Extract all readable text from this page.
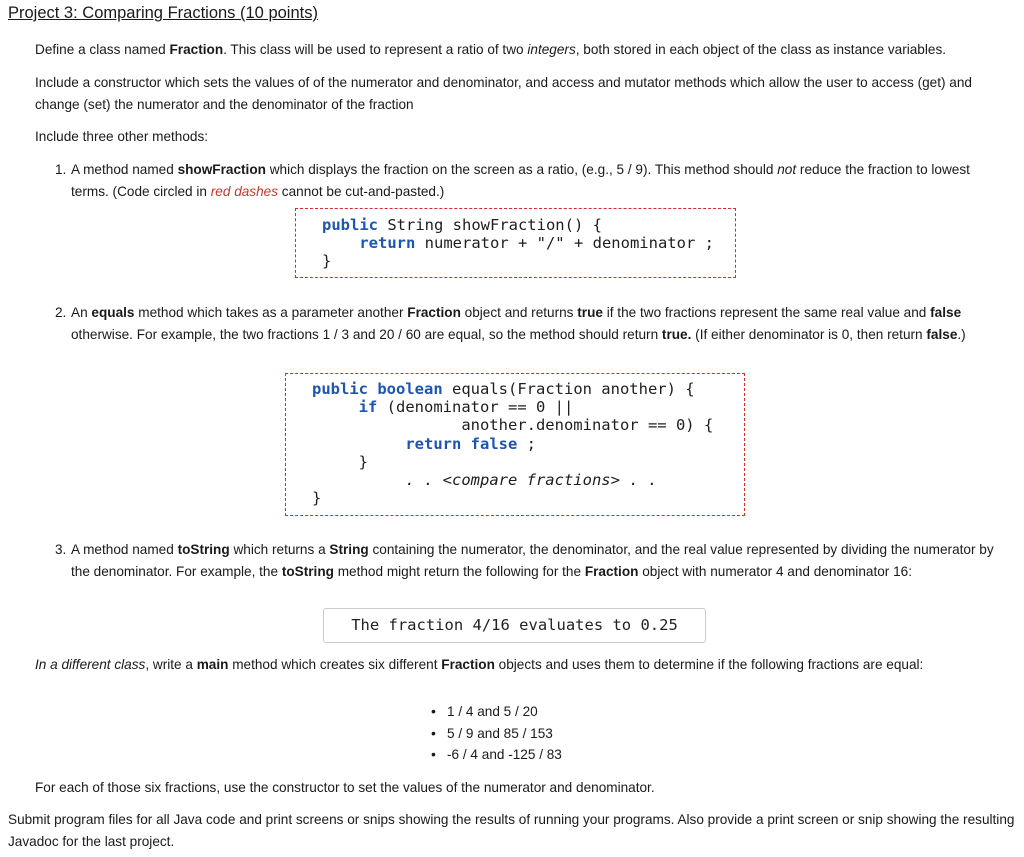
Project 3: Comparing Fractions (10 points)
Define a class named Fraction. This class will be used to represent a ratio of two integers, both stored in each object of the class as instance variables.
Include a constructor which sets the values of of the numerator and denominator, and access and mutator methods which allow the user to access (get) and change (set) the numerator and the denominator of the fraction
Include three other methods:
1. A method named showFraction which displays the fraction on the screen as a ratio, (e.g., 5 / 9). This method should not reduce the fraction to lowest terms. (Code circled in red dashes cannot be cut-and-pasted.)
public String showFraction() {
return numerator + "/" + denominator ;
}
2. An equals method which takes as a parameter another Fraction object and returns true if the two fractions represent the same real value and false otherwise. For example, the two fractions 1 / 3 and 20 / 60 are equal, so the method should return true. (If either denominator is 0, then return false.)
public boolean equals(Fraction another) {
if (denominator == 0 ||
another.denominator == 0) {
return false ;
}
. . <compare fractions> . .
}
3. A method named toString which returns a String containing the numerator, the denominator, and the real value represented by dividing the numerator by the denominator. For example, the toString method might return the following for the Fraction object with numerator 4 and denominator 16:
The fraction 4/16 evaluates to 0.25
In a different class, write a main method which creates six different Fraction objects and uses them to determine if the following fractions are equal:
• 1 / 4 and 5 / 20
• 5 / 9 and 85 / 153
• -6 / 4 and -125 / 83
For each of those six fractions, use the constructor to set the values of the numerator and denominator.
Submit program files for all Java code and print screens or snips showing the results of running your programs. Also provide a print screen or snip showing the resulting Javadoc for the last project.
